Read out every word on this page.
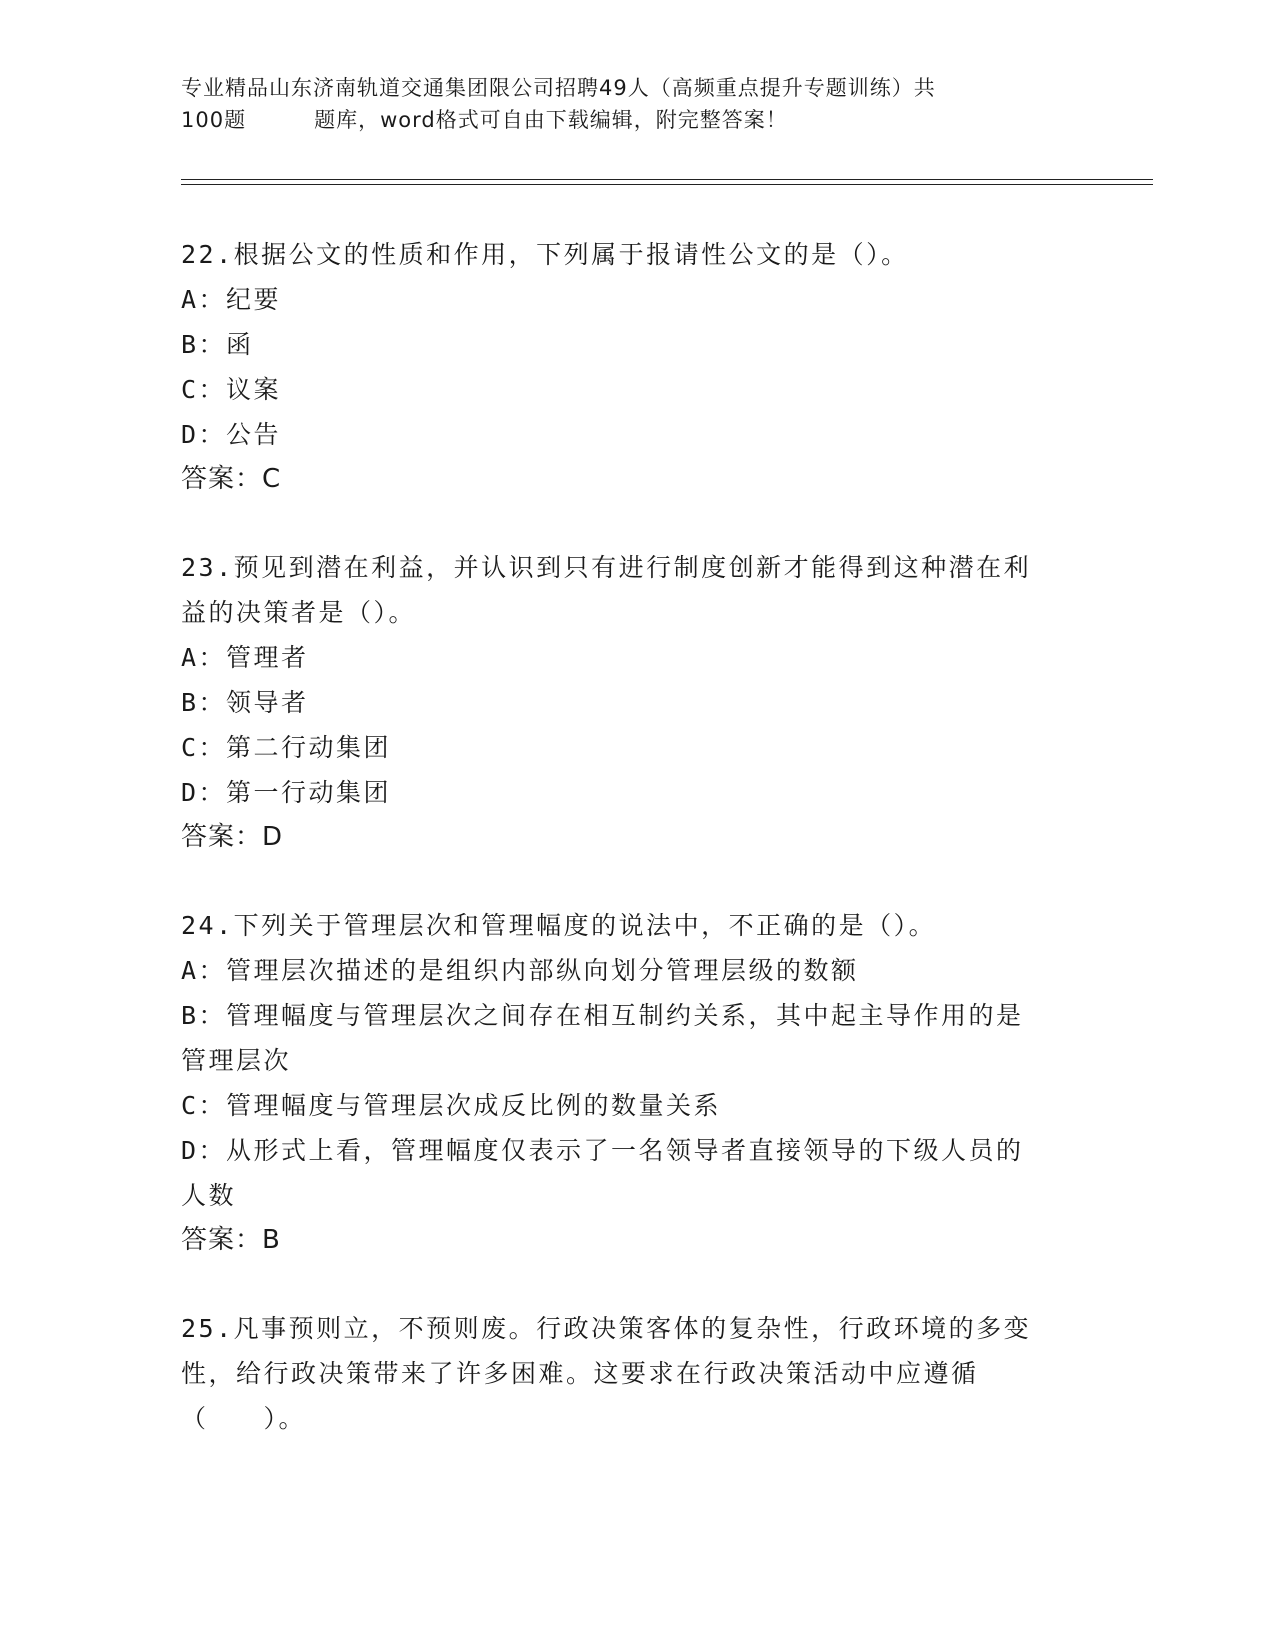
专业精品山东济南轨道交通集团限公司招聘49人（高频重点提升专题训练）共
100题	题库，word格式可自由下载编辑，附完整答案！

22.根据公文的性质和作用，下列属于报请性公文的是（）。

A：纪要

B：函

C：议案

D：公告

答案：C

23.预见到潜在利益，并认识到只有进行制度创新才能得到这种潜在利

益的决策者是（）。

A：管理者

B：领导者

C：第二行动集团

D：第一行动集团

答案：D

24.下列关于管理层次和管理幅度的说法中，不正确的是（）。

A：管理层次描述的是组织内部纵向划分管理层级的数额

B：管理幅度与管理层次之间存在相互制约关系，其中起主导作用的是

管理层次

C：管理幅度与管理层次成反比例的数量关系

D：从形式上看，管理幅度仅表示了一名领导者直接领导的下级人员的

人数

答案：B

25.凡事预则立，不预则废。行政决策客体的复杂性，行政环境的多变

性，给行政决策带来了许多困难。这要求在行政决策活动中应遵循

（　　）。
